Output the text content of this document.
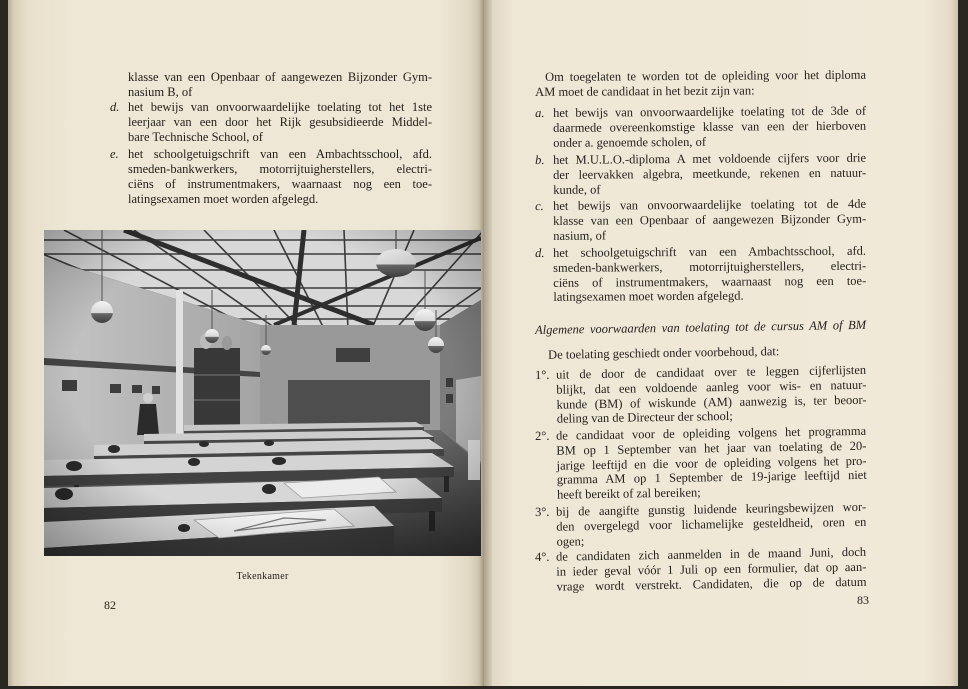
klasse van een Openbaar of aangewezen Bijzonder Gym-
nasium B, of
d. het bewijs van onvoorwaardelijke toelating tot het 1ste
leerjaar van een door het Rijk gesubsidieerde Middel-
bare Technische School, of
e. het schoolgetuigschrift van een Ambachtsschool, afd.
smeden-bankwerkers, motorrijtuigherstellers, electri-
ciëns of instrumentmakers, waarnaast nog een toe-
latingsexamen moet worden afgelegd.
Tekenkamer
82
Om toegelaten te worden tot de opleiding voor het diploma
AM moet de candidaat in het bezit zijn van:
a. het bewijs van onvoorwaardelijke toelating tot de 3de of
daarmede overeenkomstige klasse van een der hierboven
onder a. genoemde scholen, of
b. het M.U.L.O.-diploma A met voldoende cijfers voor drie
der leervakken algebra, meetkunde, rekenen en natuur-
kunde, of
c. het bewijs van onvoorwaardelijke toelating tot de 4de
klasse van een Openbaar of aangewezen Bijzonder Gym-
nasium, of
d. het schoolgetuigschrift van een Ambachtsschool, afd.
smeden-bankwerkers, motorrijtuigherstellers, electri-
ciëns of instrumentmakers, waarnaast nog een toe-
latingsexamen moet worden afgelegd.
Algemene voorwaarden van toelating tot de cursus AM of BM
De toelating geschiedt onder voorbehoud, dat:
1°. uit de door de candidaat over te leggen cijferlijsten
blijkt, dat een voldoende aanleg voor wis- en natuur-
kunde (BM) of wiskunde (AM) aanwezig is, ter beoor-
deling van de Directeur der school;
2°. de candidaat voor de opleiding volgens het programma
BM op 1 September van het jaar van toelating de 20-
jarige leeftijd en die voor de opleiding volgens het pro-
gramma AM op 1 September de 19-jarige leeftijd niet
heeft bereikt of zal bereiken;
3°. bij de aangifte gunstig luidende keuringsbewijzen wor-
den overgelegd voor lichamelijke gesteldheid, oren en
ogen;
4°. de candidaten zich aanmelden in de maand Juni, doch
in ieder geval vóór 1 Juli op een formulier, dat op aan-
vrage wordt verstrekt. Candidaten, die op de datum
83
